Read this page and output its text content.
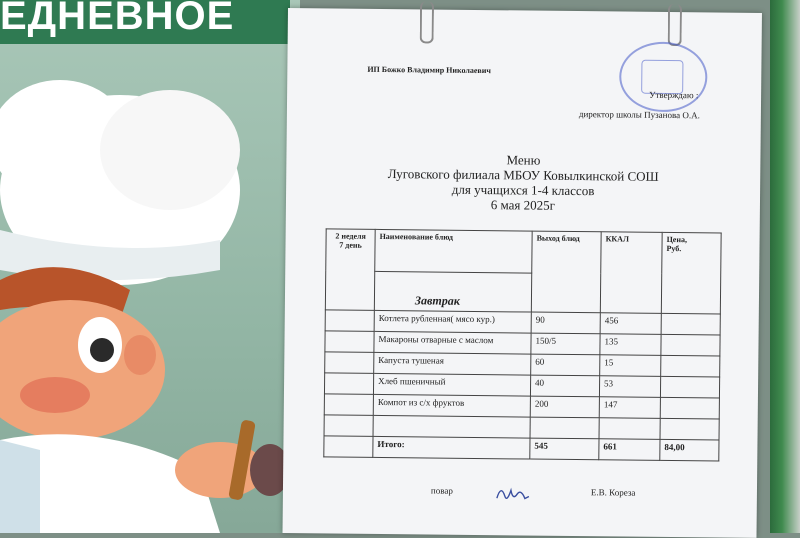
ЕДНЕВНОЕ
ИП Божко Владимир Николаевич
Утверждаю :
директор школы Пузанова О.А.
Меню
Луговского филиала МБОУ Ковылкинской СОШ
для учащихся 1-4 классов
6 мая 2025г
2 неделя
7 день	Наименование блюд	Выход блюд	ККАЛ	Цена,
Руб.
	Завтрак			
	Котлета рубленная( мясо кур.)	90	456	
	Макароны отварные с маслом	150/5	135	
	Капуста тушеная	60	15	
	Хлеб пшеничный	40	53	
	Компот из с/х фруктов	200	147	

	Итого:	545	661	84,00
повар	Е.В. Кореза
